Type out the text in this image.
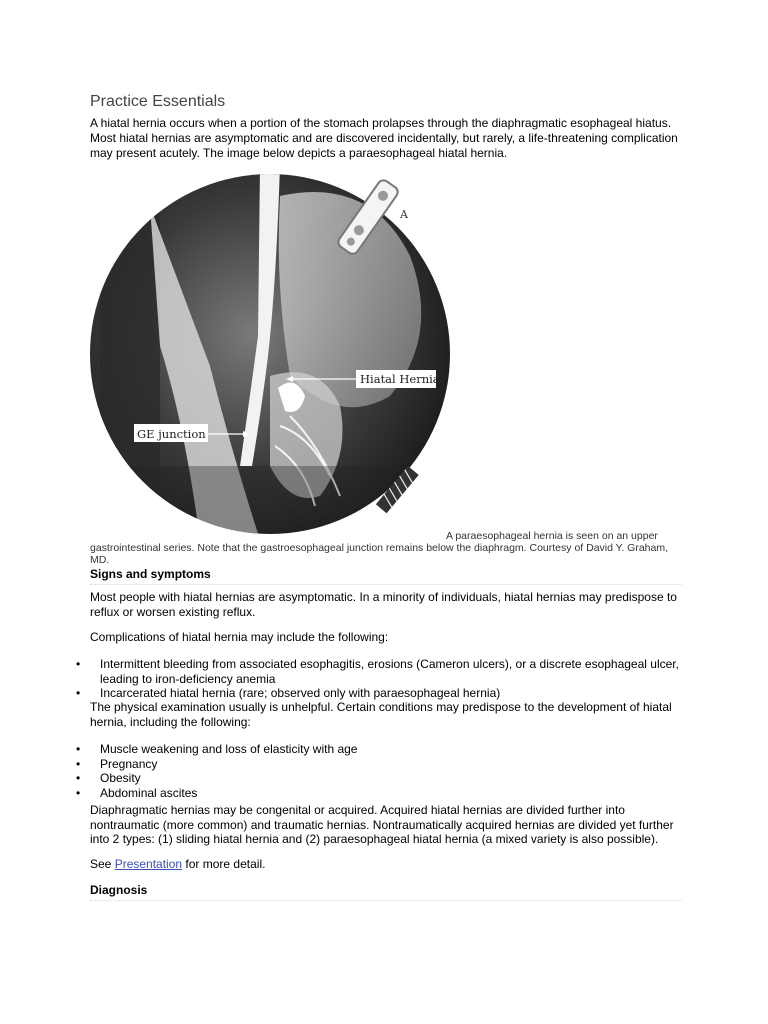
Practice Essentials

A hiatal hernia occurs when a portion of the stomach prolapses through the diaphragmatic esophageal hiatus. Most hiatal hernias are asymptomatic and are discovered incidentally, but rarely, a life-threatening complication may present acutely. The image below depicts a paraesophageal hiatal hernia.

A
Hiatal Hernia
GE junction

A paraesophageal hernia is seen on an upper gastrointestinal series. Note that the gastroesophageal junction remains below the diaphragm. Courtesy of David Y. Graham, MD.

Signs and symptoms

Most people with hiatal hernias are asymptomatic. In a minority of individuals, hiatal hernias may predispose to reflux or worsen existing reflux.

Complications of hiatal hernia may include the following:

• Intermittent bleeding from associated esophagitis, erosions (Cameron ulcers), or a discrete esophageal ulcer, leading to iron-deficiency anemia
• Incarcerated hiatal hernia (rare; observed only with paraesophageal hernia)

The physical examination usually is unhelpful. Certain conditions may predispose to the development of hiatal hernia, including the following:

• Muscle weakening and loss of elasticity with age
• Pregnancy
• Obesity
• Abdominal ascites

Diaphragmatic hernias may be congenital or acquired. Acquired hiatal hernias are divided further into nontraumatic (more common) and traumatic hernias. Nontraumatically acquired hernias are divided yet further into 2 types: (1) sliding hiatal hernia and (2) paraesophageal hiatal hernia (a mixed variety is also possible).

See Presentation for more detail.

Diagnosis
